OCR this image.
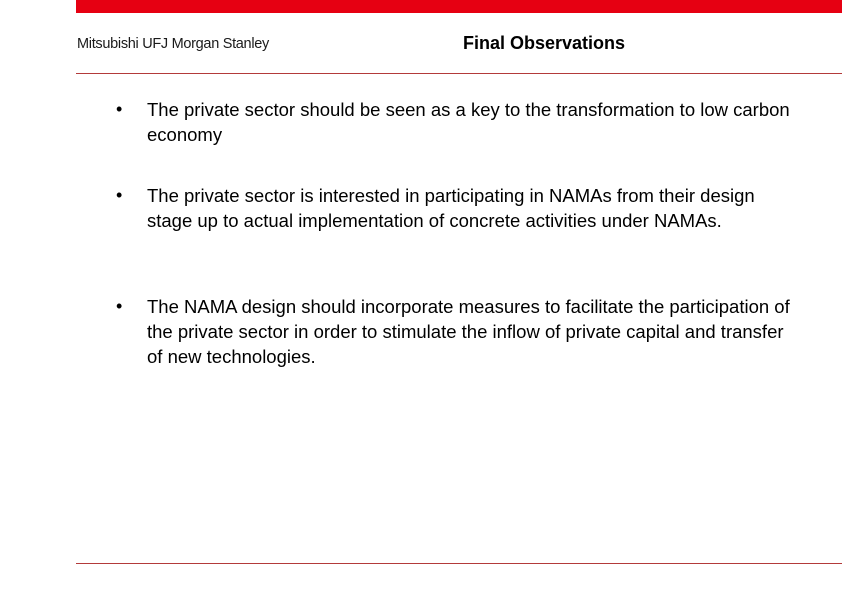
Mitsubishi UFJ Morgan Stanley	Final Observations
• The private sector should be seen as a key to the transformation to low carbon economy
• The private sector is interested in participating in NAMAs from their design stage up to actual implementation of concrete activities under NAMAs.
• The NAMA design should incorporate measures to facilitate the participation of the private sector in order to stimulate the inflow of private capital and transfer of new technologies.
